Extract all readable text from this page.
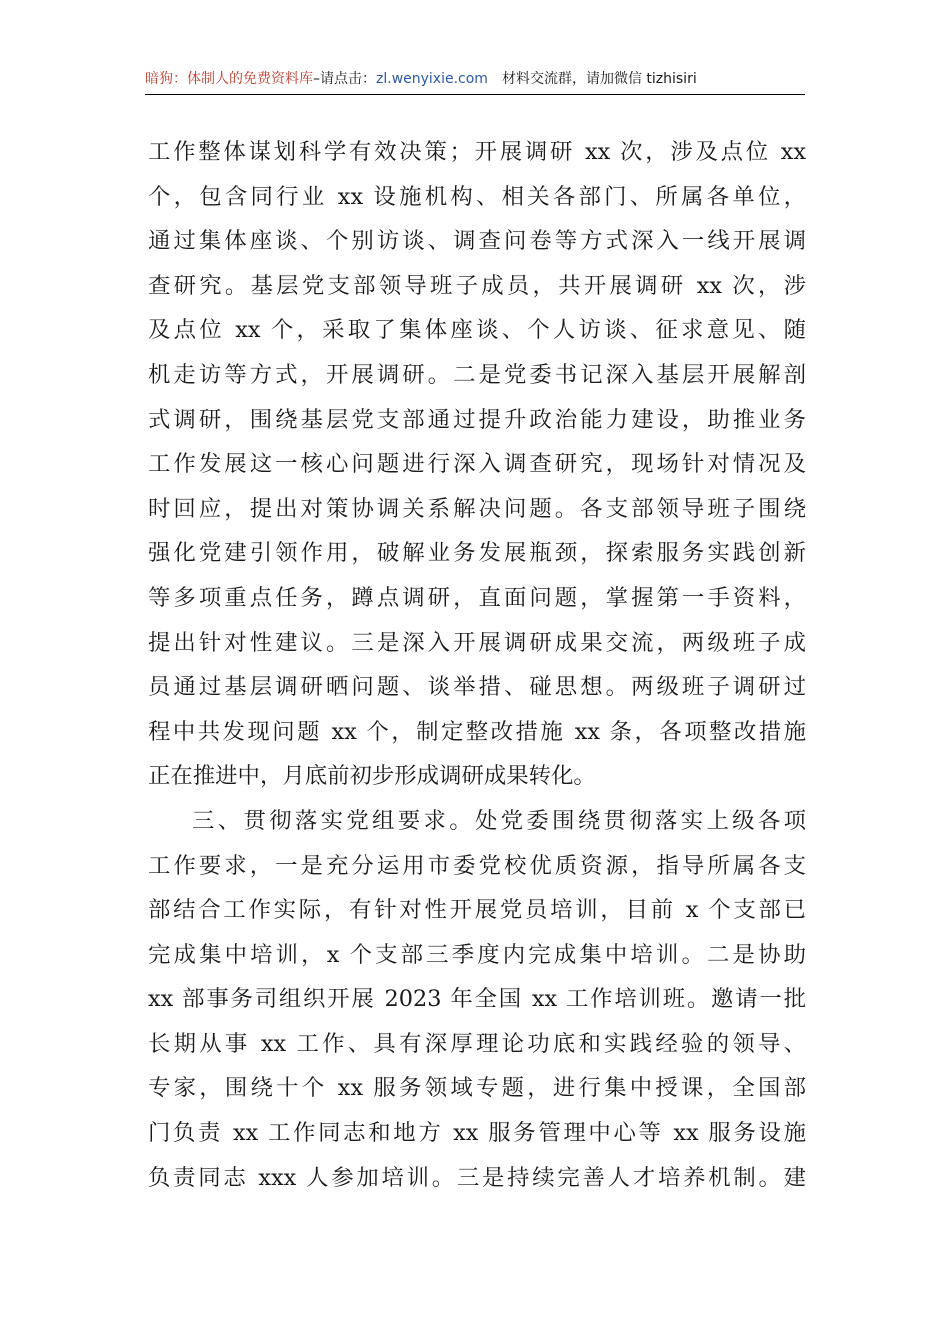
暗狗：体制人的免费资料库 –请点击： zl.wenyixie.com 材料交流群，请加微信 tizhisiri
工作整体谋划科学有效决策；开展调研 xx 次，涉及点位 xx
个，包含同行业 xx 设施机构、相关各部门、所属各单位，
通过集体座谈、个别访谈、调查问卷等方式深入一线开展调
查研究。基层党支部领导班子成员，共开展调研 xx 次，涉
及点位 xx 个，采取了集体座谈、个人访谈、征求意见、随
机走访等方式，开展调研。二是党委书记深入基层开展解剖
式调研，围绕基层党支部通过提升政治能力建设，助推业务
工作发展这一核心问题进行深入调查研究，现场针对情况及
时回应，提出对策协调关系解决问题。各支部领导班子围绕
强化党建引领作用，破解业务发展瓶颈，探索服务实践创新
等多项重点任务，蹲点调研，直面问题，掌握第一手资料，
提出针对性建议。三是深入开展调研成果交流，两级班子成
员通过基层调研晒问题、谈举措、碰思想。两级班子调研过
程中共发现问题 xx 个，制定整改措施 xx 条，各项整改措施
正在推进中，月底前初步形成调研成果转化。
三、贯彻落实党组要求。处党委围绕贯彻落实上级各项
工作要求，一是充分运用市委党校优质资源，指导所属各支
部结合工作实际，有针对性开展党员培训，目前 x 个支部已
完成集中培训，x 个支部三季度内完成集中培训。二是协助
xx 部事务司组织开展 2023 年全国 xx 工作培训班。邀请一批
长期从事 xx 工作、具有深厚理论功底和实践经验的领导、
专家，围绕十个 xx 服务领域专题，进行集中授课，全国部
门负责 xx 工作同志和地方 xx 服务管理中心等 xx 服务设施
负责同志 xxx 人参加培训。三是持续完善人才培养机制。建
